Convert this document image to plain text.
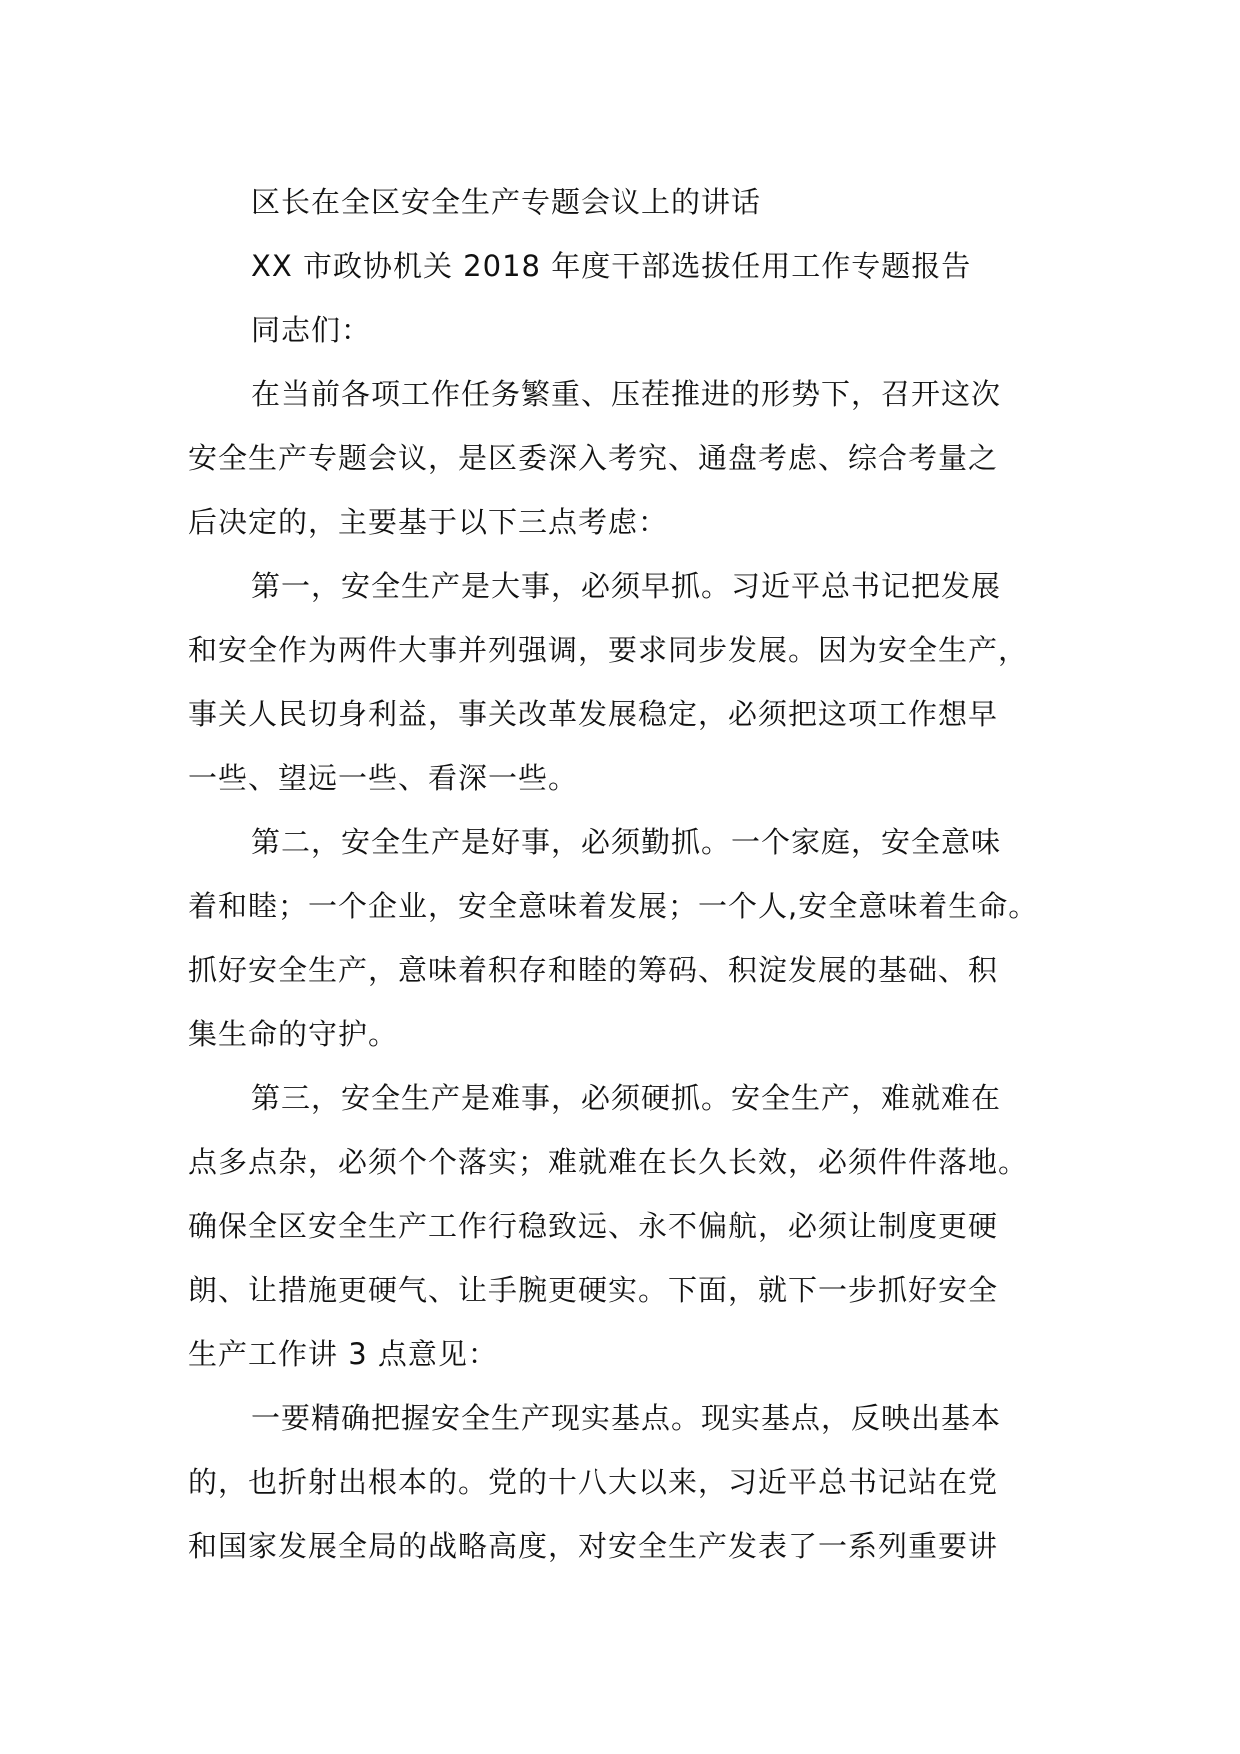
区长在全区安全生产专题会议上的讲话

XX 市政协机关 2018 年度干部选拔任用工作专题报告

同志们：

在当前各项工作任务繁重、压茬推进的形势下，召开这次

安全生产专题会议，是区委深入考究、通盘考虑、综合考量之

后决定的，主要基于以下三点考虑：

第一，安全生产是大事，必须早抓。习近平总书记把发展

和安全作为两件大事并列强调，要求同步发展。因为安全生产，

事关人民切身利益，事关改革发展稳定，必须把这项工作想早

一些、望远一些、看深一些。

第二，安全生产是好事，必须勤抓。一个家庭，安全意味

着和睦；一个企业，安全意味着发展；一个人,安全意味着生命。

抓好安全生产，意味着积存和睦的筹码、积淀发展的基础、积

集生命的守护。

第三，安全生产是难事，必须硬抓。安全生产，难就难在

点多点杂，必须个个落实；难就难在长久长效，必须件件落地。

确保全区安全生产工作行稳致远、永不偏航，必须让制度更硬

朗、让措施更硬气、让手腕更硬实。下面，就下一步抓好安全

生产工作讲 3 点意见：

一要精确把握安全生产现实基点。现实基点，反映出基本

的，也折射出根本的。党的十八大以来，习近平总书记站在党

和国家发展全局的战略高度，对安全生产发表了一系列重要讲
